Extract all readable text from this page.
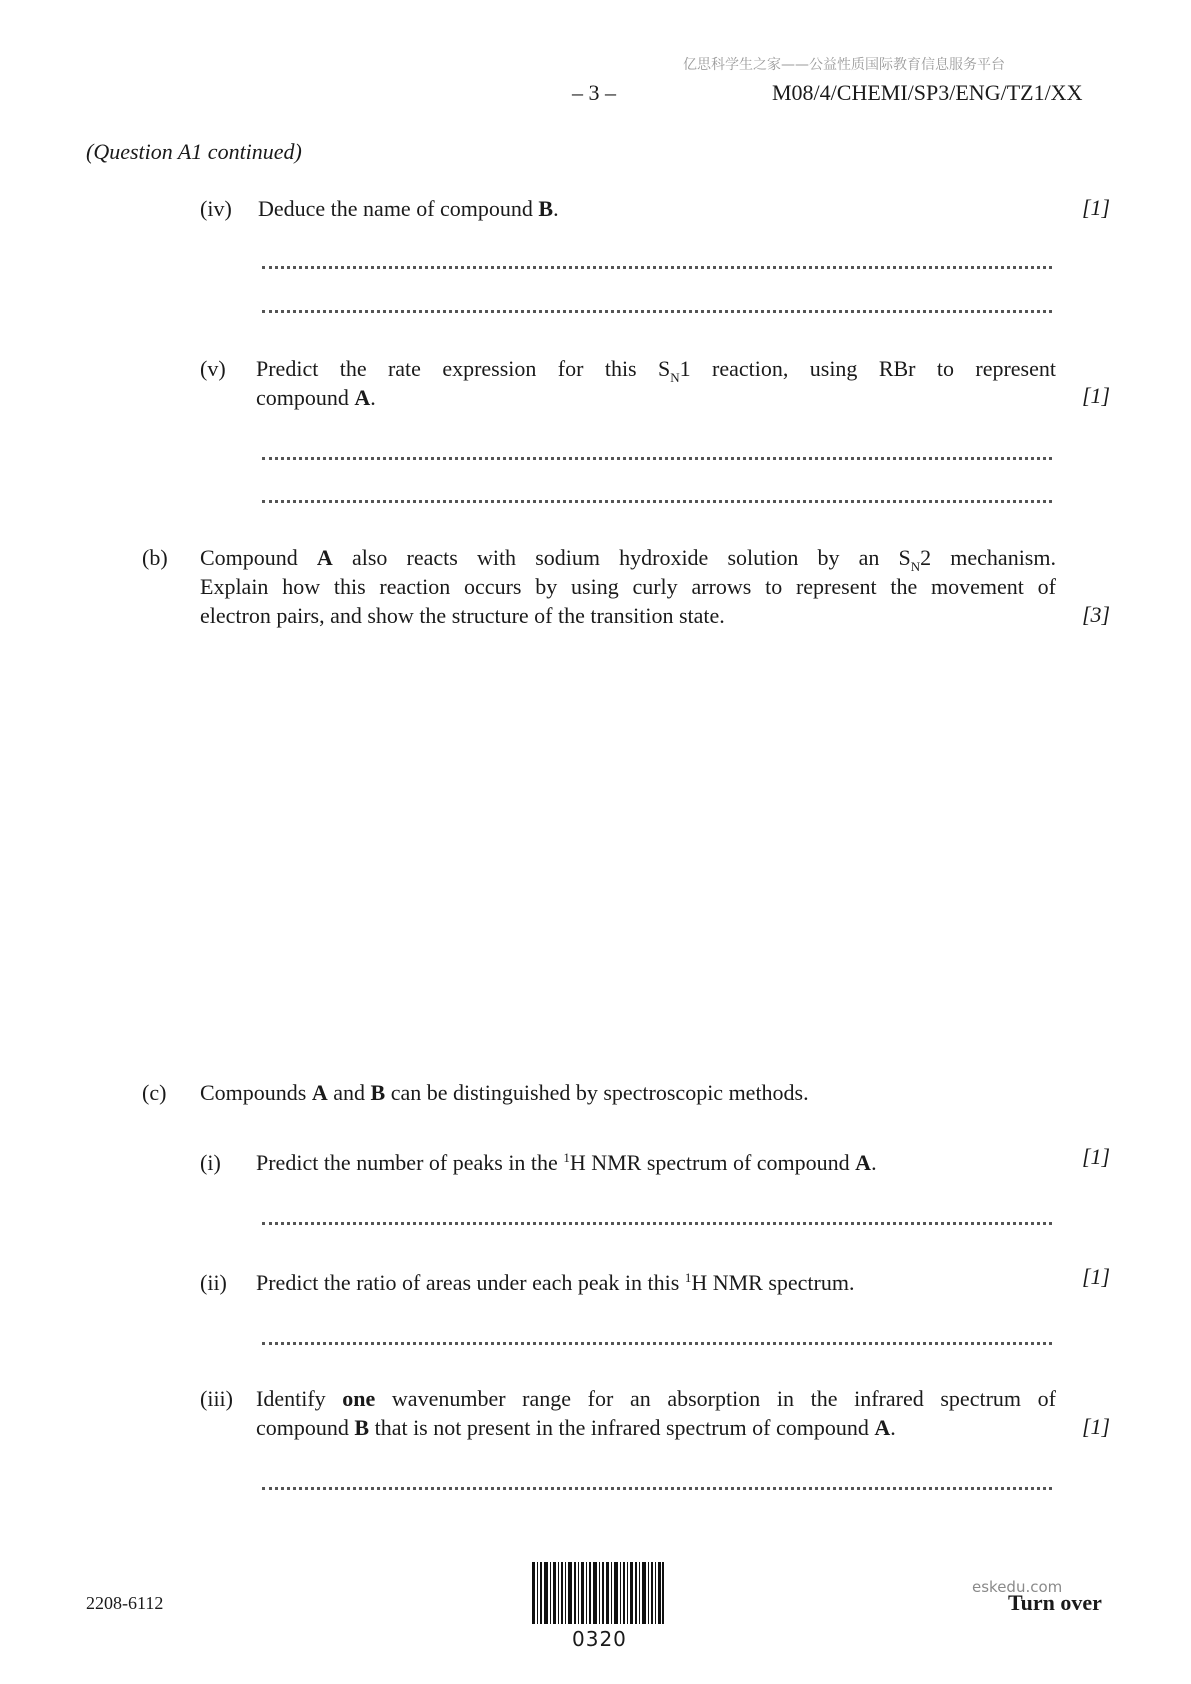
亿思科学生之家——公益性质国际教育信息服务平台
– 3 –	M08/4/CHEMI/SP3/ENG/TZ1/XX
(Question A1 continued)
(iv) Deduce the name of compound B.	[1]
(v) Predict the rate expression for this $S_N1$ reaction, using RBr to represent
compound A.	[1]
(b) Compound A also reacts with sodium hydroxide solution by an $S_N2$ mechanism.
Explain how this reaction occurs by using curly arrows to represent the movement of
electron pairs, and show the structure of the transition state.	[3]
(c) Compounds A and B can be distinguished by spectroscopic methods.
(i) Predict the number of peaks in the $^1$H NMR spectrum of compound A.	[1]
(ii) Predict the ratio of areas under each peak in this $^1$H NMR spectrum.	[1]
(iii) Identify one wavenumber range for an absorption in the infrared spectrum of
compound B that is not present in the infrared spectrum of compound A.	[1]
2208-6112
0320
eskedu.com
Turn over
